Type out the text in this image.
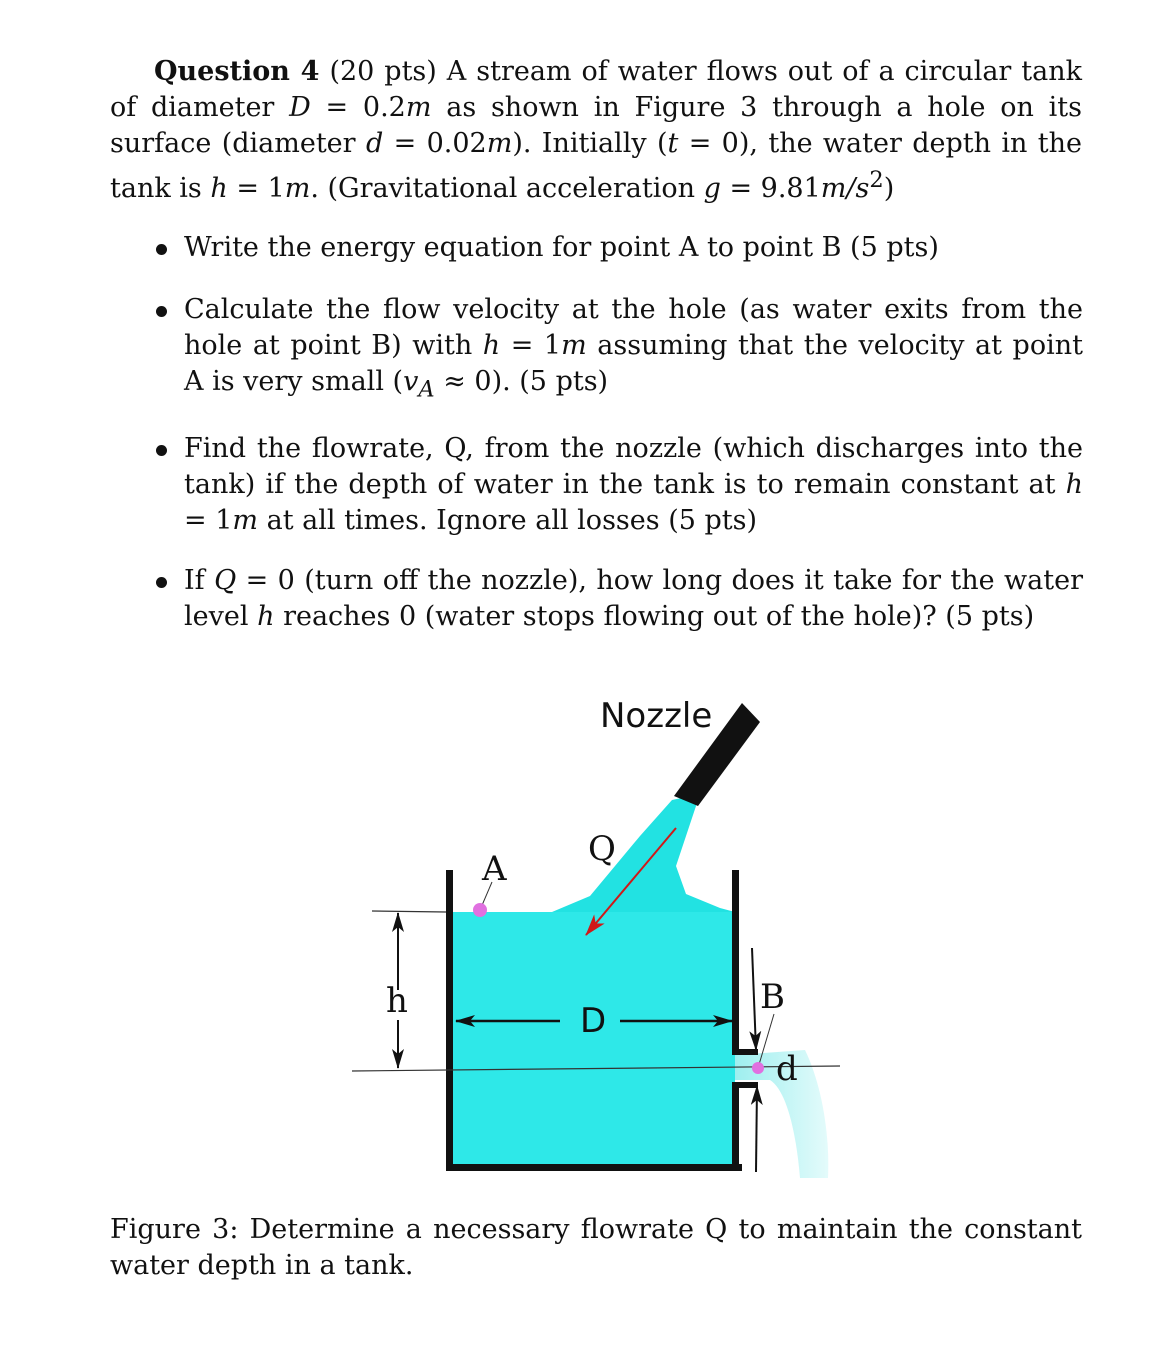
Question 4 (20 pts) A stream of water flows out of a circular tank of diameter D = 0.2m as shown in Figure 3 through a hole on its surface (diameter d = 0.02m). Initially (t = 0), the water depth in the tank is h = 1m. (Gravitational acceleration $g = 9.81m/s^2$)

Write the energy equation for point A to point B (5 pts)
Calculate the flow velocity at the hole (as water exits from the hole at point B) with h = 1m assuming that the velocity at point A is very small $(v_A \approx 0)$. (5 pts)
Find the flowrate, Q, from the nozzle (which discharges into the tank) if the depth of water in the tank is to remain constant at h = 1m at all times. Ignore all losses (5 pts)
If Q = 0 (turn off the nozzle), how long does it take for the water level h reaches 0 (water stops flowing out of the hole)? (5 pts)
h	D
d
B
A Q
Nozzle

Figure 3: Determine a necessary flowrate Q to maintain the constant water depth in a tank.
